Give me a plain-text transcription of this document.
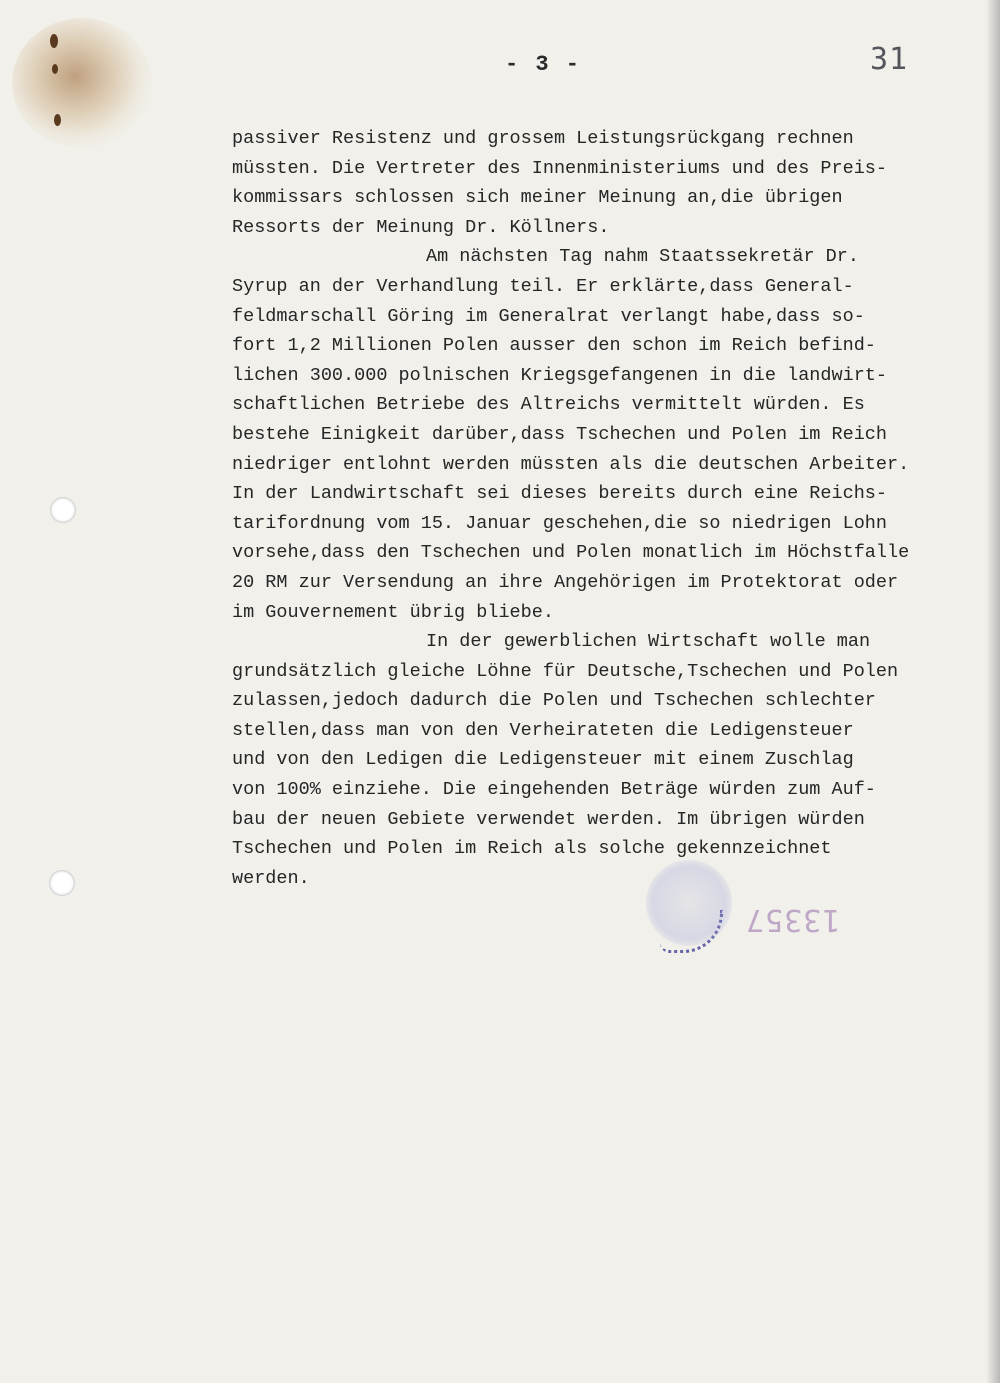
- 3 -	31
passiver Resistenz und grossem Leistungsrückgang rechnen
müssten. Die Vertreter des Innenministeriums und des Preis-
kommissars schlossen sich meiner Meinung an,die übrigen
Ressorts der Meinung Dr. Köllners.
Am nächsten Tag nahm Staatssekretär Dr.
Syrup an der Verhandlung teil. Er erklärte,dass General-
feldmarschall Göring im Generalrat verlangt habe,dass so-
fort 1,2 Millionen Polen ausser den schon im Reich befind-
lichen 300.000 polnischen Kriegsgefangenen in die landwirt-
schaftlichen Betriebe des Altreichs vermittelt würden. Es
bestehe Einigkeit darüber,dass Tschechen und Polen im Reich
niedriger entlohnt werden müssten als die deutschen Arbeiter.
In der Landwirtschaft sei dieses bereits durch eine Reichs-
tarifordnung vom 15. Januar geschehen,die so niedrigen Lohn
vorsehe,dass den Tschechen und Polen monatlich im Höchstfalle
20 RM zur Versendung an ihre Angehörigen im Protektorat oder
im Gouvernement übrig bliebe.
In der gewerblichen Wirtschaft wolle man
grundsätzlich gleiche Löhne für Deutsche,Tschechen und Polen
zulassen,jedoch dadurch die Polen und Tschechen schlechter
stellen,dass man von den Verheirateten die Ledigensteuer
und von den Ledigen die Ledigensteuer mit einem Zuschlag
von 100% einziehe. Die eingehenden Beträge würden zum Auf-
bau der neuen Gebiete verwendet werden. Im übrigen würden
Tschechen und Polen im Reich als solche gekennzeichnet
werden.
13357
